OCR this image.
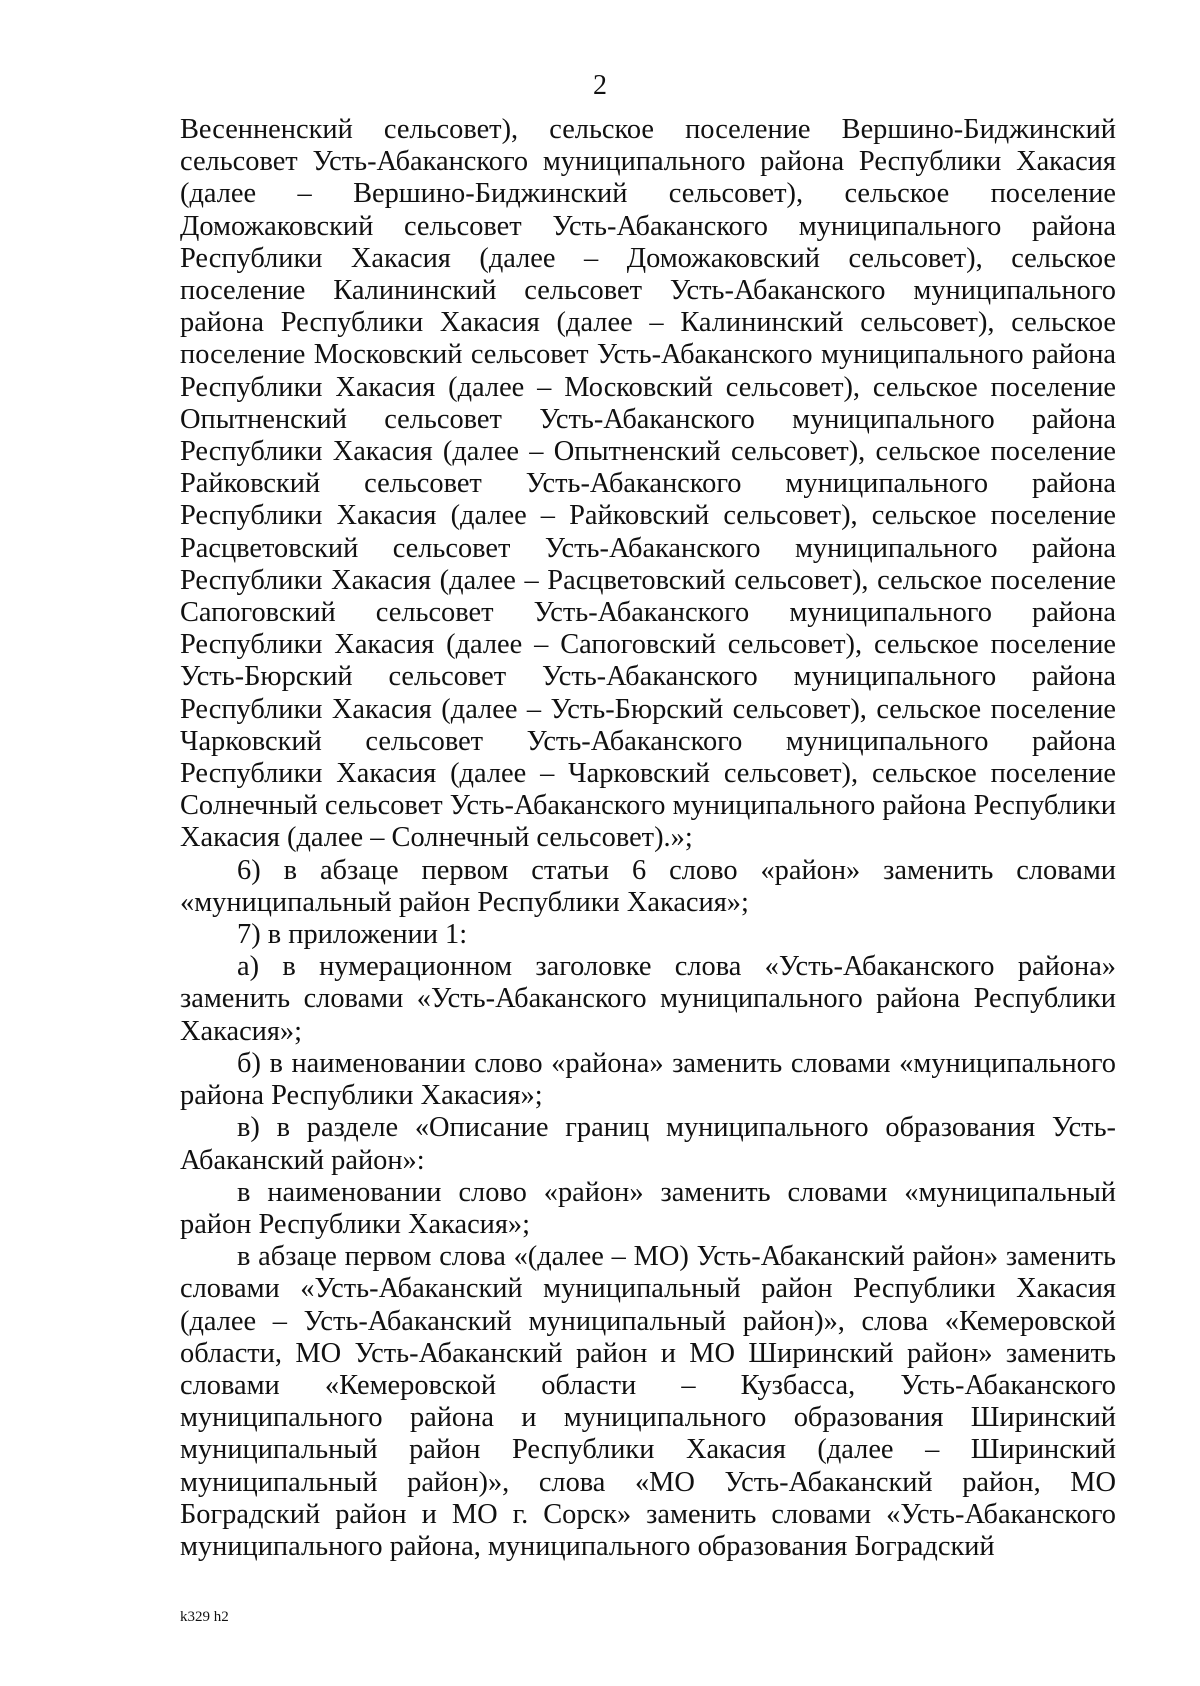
2

Весенненский сельсовет), сельское поселение Вершино-Биджинский сельсовет Усть-Абаканского муниципального района Республики Хакасия (далее – Вершино-Биджинский сельсовет), сельское поселение Доможаковский сельсовет Усть-Абаканского муниципального района Республики Хакасия (далее – Доможаковский сельсовет), сельское поселение Калининский сельсовет Усть-Абаканского муниципального района Республики Хакасия (далее – Калининский сельсовет), сельское поселение Московский сельсовет Усть-Абаканского муниципального района Республики Хакасия (далее – Московский сельсовет), сельское поселение Опытненский сельсовет Усть-Абаканского муниципального района Республики Хакасия (далее – Опытненский сельсовет), сельское поселение Райковский сельсовет Усть-Абаканского муниципального района Республики Хакасия (далее – Райковский сельсовет), сельское поселение Расцветовский сельсовет Усть-Абаканского муниципального района Республики Хакасия (далее – Расцветовский сельсовет), сельское поселение Сапоговский сельсовет Усть-Абаканского муниципального района Республики Хакасия (далее – Сапоговский сельсовет), сельское поселение Усть-Бюрский сельсовет Усть-Абаканского муниципального района Республики Хакасия (далее – Усть-Бюрский сельсовет), сельское поселение Чарковский сельсовет Усть-Абаканского муниципального района Республики Хакасия (далее – Чарковский сельсовет), сельское поселение Солнечный сельсовет Усть-Абаканского муниципального района Республики Хакасия (далее – Солнечный сельсовет).»;

6) в абзаце первом статьи 6 слово «район» заменить словами «муниципальный район Республики Хакасия»;

7) в приложении 1:

а) в нумерационном заголовке слова «Усть-Абаканского района» заменить словами «Усть-Абаканского муниципального района Республики Хакасия»;

б) в наименовании слово «района» заменить словами «муниципального района Республики Хакасия»;

в) в разделе «Описание границ муниципального образования Усть-Абаканский район»:

в наименовании слово «район» заменить словами «муниципальный район Республики Хакасия»;

в абзаце первом слова «(далее – МО) Усть-Абаканский район» заменить словами «Усть-Абаканский муниципальный район Республики Хакасия (далее – Усть-Абаканский муниципальный район)», слова «Кемеровской области, МО Усть-Абаканский район и МО Ширинский район» заменить словами «Кемеровской области – Кузбасса, Усть-Абаканского муниципального района и муниципального образования Ширинский муниципальный район Республики Хакасия (далее – Ширинский муниципальный район)», слова «МО Усть-Абаканский район, МО Боградский район и МО г. Сорск» заменить словами «Усть-Абаканского муниципального района, муниципального образования Боградский

k329 h2
